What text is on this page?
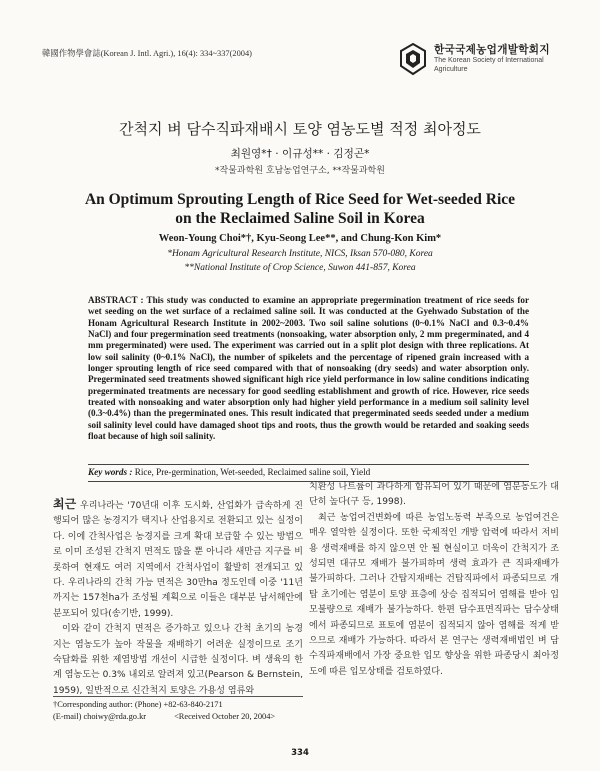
韓國作物學會誌(Korean J. Intl. Agri.), 16(4): 334~337(2004)	한국국제농업개발학회지
The Korean Society of International
Agriculture
간척지 벼 담수직파재배시 토양 염농도별 적정 최아정도
최원영*† · 이규성** · 김정곤*
*작물과학원 호남농업연구소, **작물과학원
An Optimum Sprouting Length of Rice Seed for Wet-seeded Rice
on the Reclaimed Saline Soil in Korea
Weon-Young Choi*†, Kyu-Seong Lee**, and Chung-Kon Kim*
*Honam Agricultural Research Institute, NICS, Iksan 570-080, Korea
**National Institute of Crop Science, Suwon 441-857, Korea
ABSTRACT : This study was conducted to examine an appropriate pregermination treatment of rice seeds for wet seeding on the wet surface of a reclaimed saline soil. It was conducted at the Gyehwado Substation of the Honam Agricultural Research Institute in 2002~2003. Two soil saline solutions (0~0.1% NaCl and 0.3~0.4% NaCl) and four pregermination seed treatments (nonsoaking, water absorption only, 2 mm pregerminated, and 4 mm pregerminated) were used. The experiment was carried out in a split plot design with three replications. At low soil salinity (0~0.1% NaCl), the number of spikelets and the percentage of ripened grain increased with a longer sprouting length of rice seed compared with that of nonsoaking (dry seeds) and water absorption only. Pregerminated seed treatments showed significant high rice yield performance in low saline conditions indicating pregerminated treatments are necessary for good seedling establishment and growth of rice. However, rice seeds treated with nonsoaking and water absorption only had higher yield performance in a medium soil salinity level (0.3~0.4%) than the pregerminated ones. This result indicated that pregerminated seeds seeded under a medium soil salinity level could have damaged shoot tips and roots, thus the growth would be retarded and soaking seeds float because of high soil salinity.
Key words : Rice, Pre-germination, Wet-seeded, Reclaimed saline soil, Yield

최근 우리나라는 '70년대 이후 도시화, 산업화가 급속하게 진행되어 많은 농경지가 택지나 산업용지로 전환되고 있는 실정이다. 이에 간척사업은 농경지를 크게 확대 보급할 수 있는 방법으로 이미 조성된 간척지 면적도 많을 뿐 아니라 새만금 지구를 비롯하여 현재도 여러 지역에서 간척사업이 활발히 전개되고 있다. 우리나라의 간척 가능 면적은 30만ha 정도인데 이중 '11년까지는 157천ha가 조성될 계획으로 이들은 대부분 남서해안에 분포되어 있다(송기반, 1999).

이와 같이 간척지 면적은 증가하고 있으나 간척 초기의 농경지는 염농도가 높아 작물을 재배하기 어려운 실정이므로 조기 숙답화를 위한 제염방법 개선이 시급한 실정이다. 벼 생육의 한계 염농도는 0.3% 내외로 알려져 있고(Pearson & Bernstein, 1959), 일반적으로 신간척지 토양은 가용성 염류와

치환성 나트륨이 과다하게 함유되어 있기 때문에 염분농도가 대단히 높다(구 등, 1998).

최근 농업여건변화에 따른 농업노동력 부족으로 농업여건은 매우 열악한 실정이다. 또한 국제적인 개방 압력에 따라서 저비용 생력재배를 하지 않으면 안 될 현실이고 더욱이 간척지가 조성되면 대규모 재배가 불가피하며 생력 효과가 큰 직파재배가 불가피하다. 그러나 간탑지재배는 건탑직파에서 파종되므로 개탑 초기에는 염분이 토양 표층에 상승 집적되어 염해를 받아 입모불량으로 재배가 불가능하다. 한편 담수표면직파는 담수상태에서 파종되므로 표토에 염분이 집적되지 않아 염해를 적게 받으므로 재배가 가능하다. 따라서 본 연구는 생력재배법인 벼 담수직파재배에서 가장 중요한 입모 향상을 위한 파종당시 최아정도에 따른 입모상태를 검토하였다.

†Corresponding author: (Phone) +82-63-840-2171
(E-mail) choiwy@rda.go.kr	<Received October 20, 2004>
334
